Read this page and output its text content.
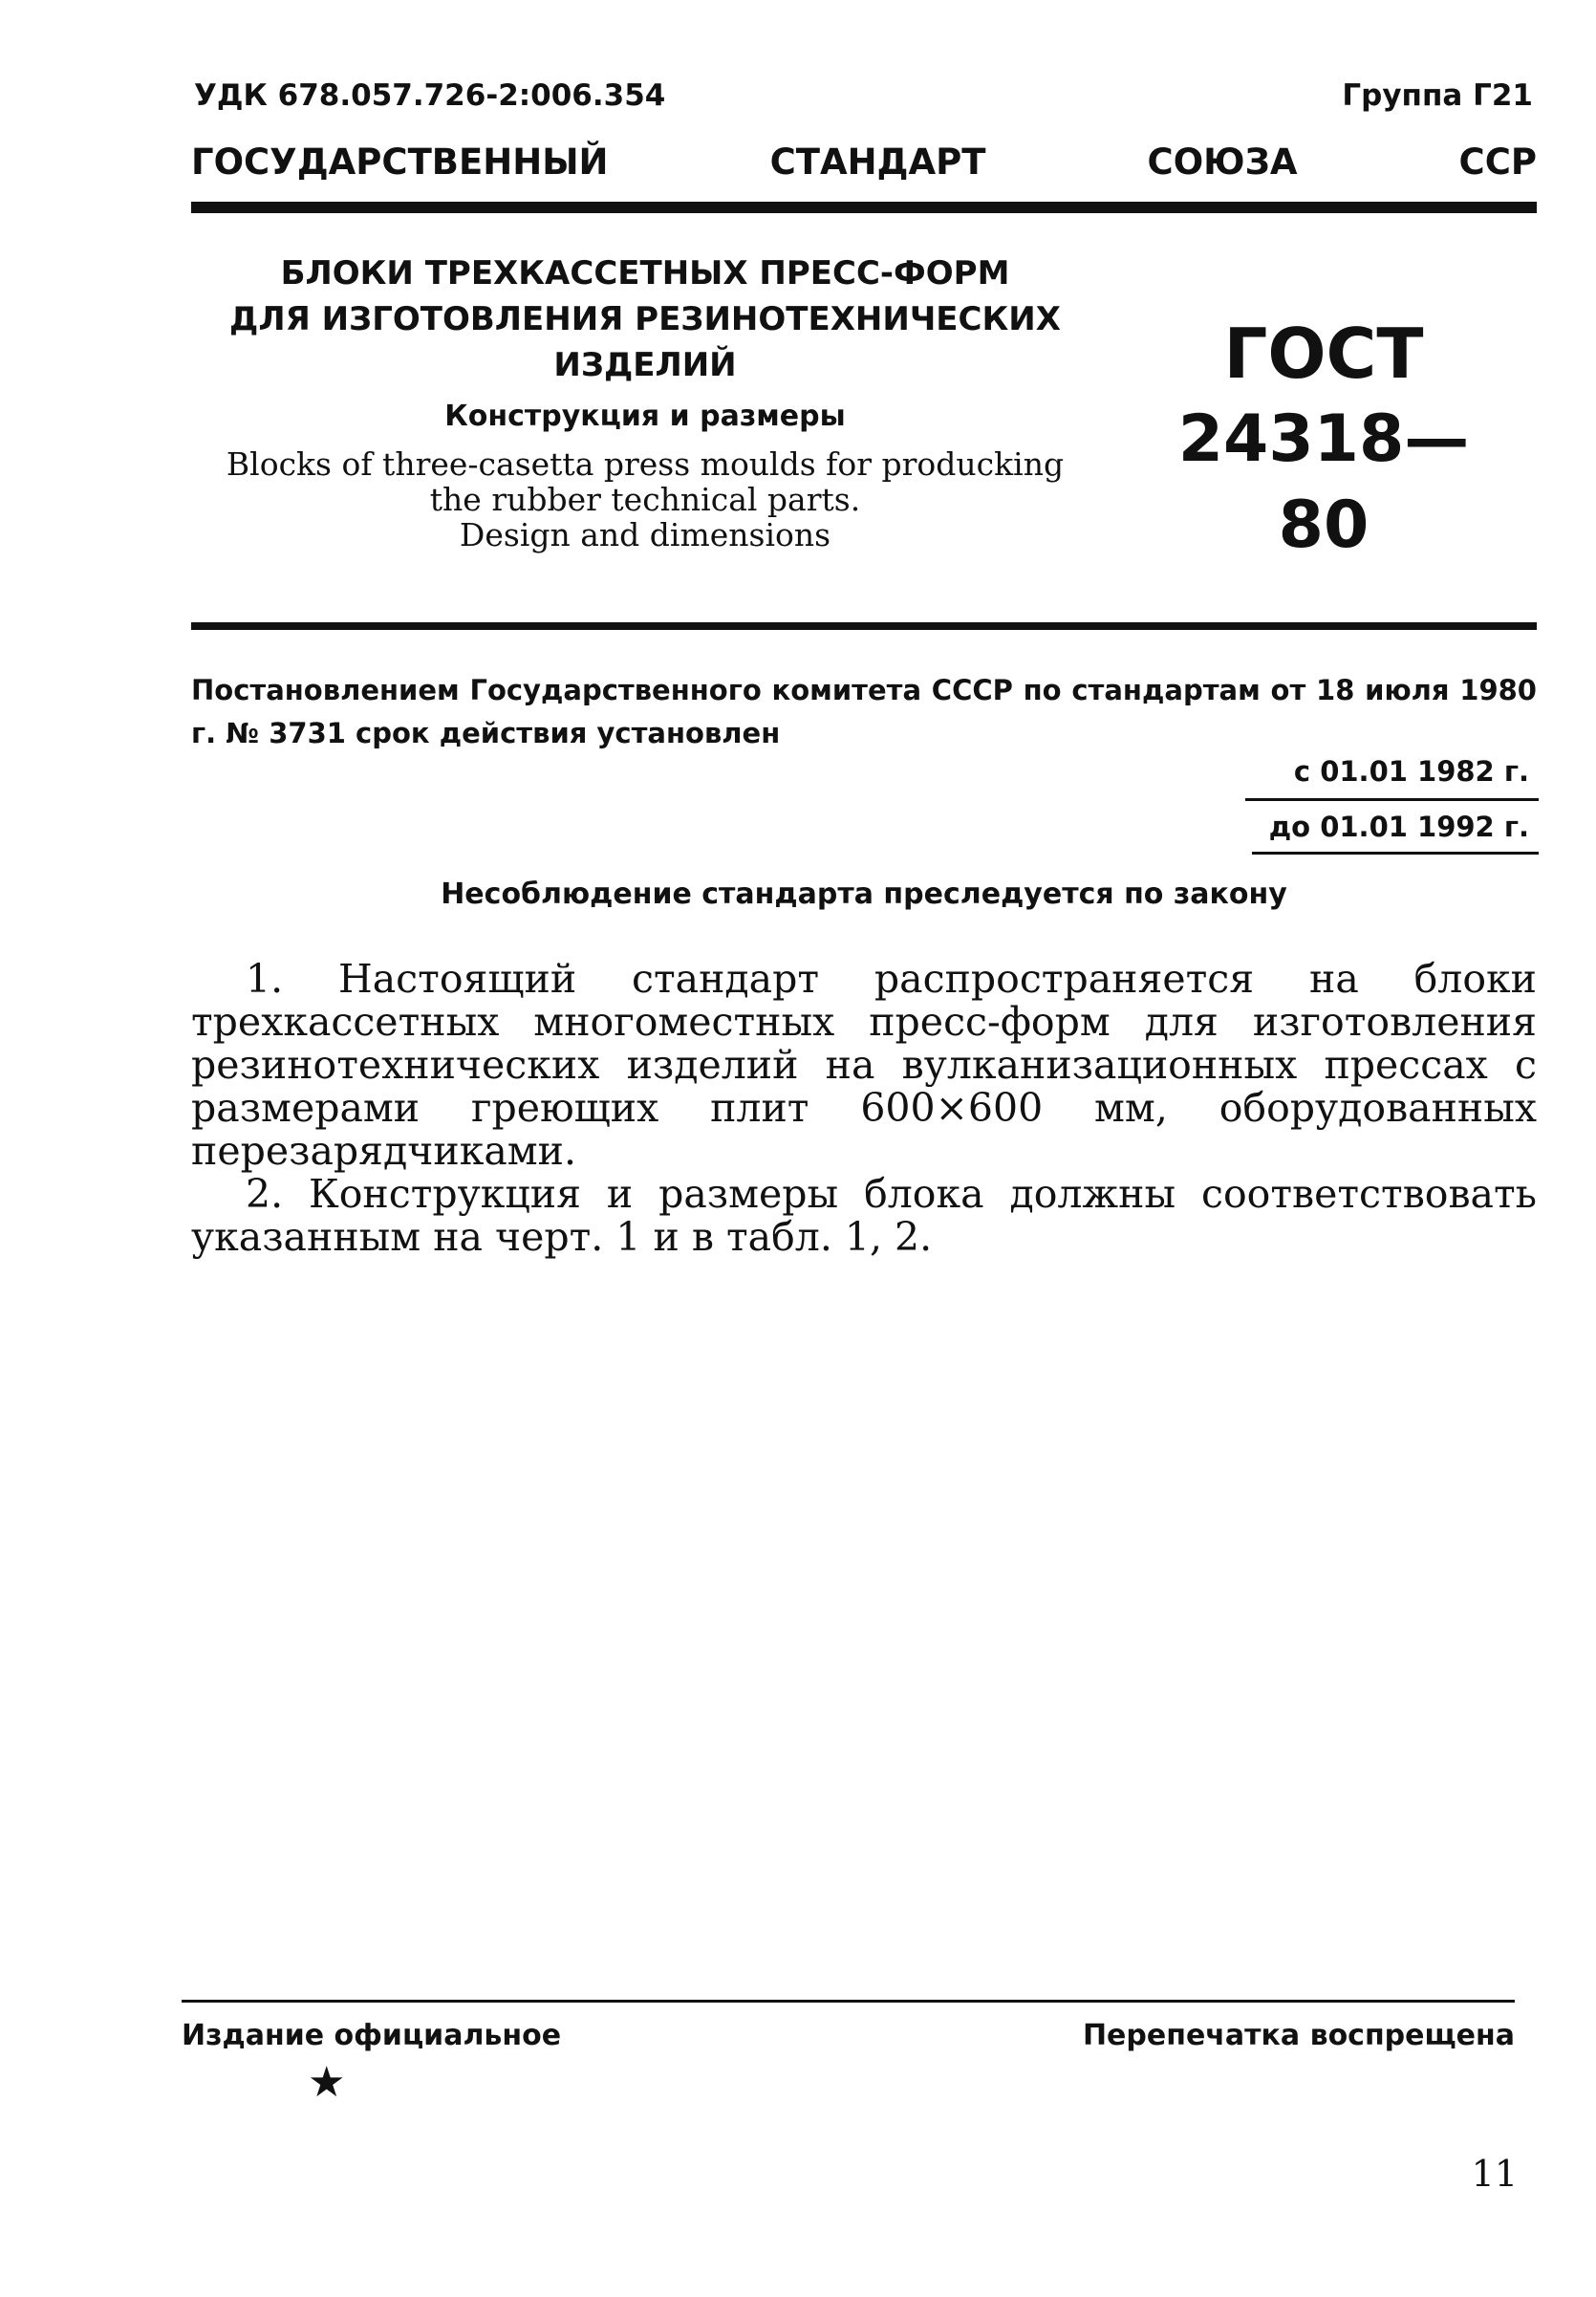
УДК 678.057.726-2:006.354	Группа Г21
ГОСУДАРСТВЕННЫЙ	СТАНДАРТ	СОЮЗА	ССР
БЛОКИ ТРЕХКАССЕТНЫХ ПРЕСС-ФОРМ
ДЛЯ ИЗГОТОВЛЕНИЯ РЕЗИНОТЕХНИЧЕСКИХ
ИЗДЕЛИЙ
Конструкция и размеры
Blocks of three-casetta press moulds for producking
the rubber technical parts.
Design and dimensions
ГОСТ
24318—80
Постановлением Государственного комитета СССР по стандартам от 18 июля 1980 г. № 3731 срок действия установлен
с 01.01 1982 г.
до 01.01 1992 г.
Несоблюдение стандарта преследуется по закону

1. Настоящий стандарт распространяется на блоки трехкассетных многоместных пресс-форм для изготовления резинотехнических изделий на вулканизационных прессах с размерами греющих плит 600×600 мм, оборудованных перезарядчиками.

2. Конструкция и размеры блока должны соответствовать указанным на черт. 1 и в табл. 1, 2.

Издание официальное	Перепечатка воспрещена
★
11
